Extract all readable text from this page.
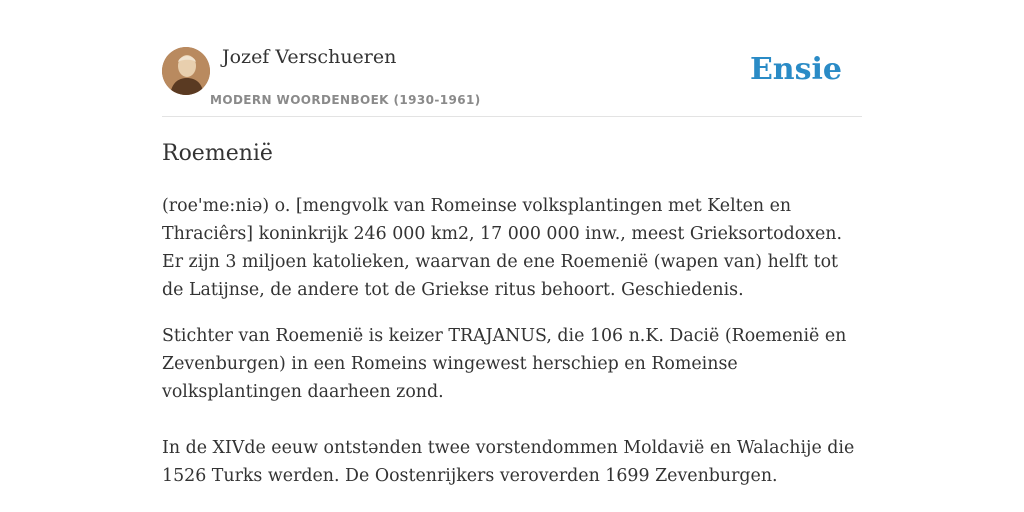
Jozef Verschueren
MODERN WOORDENBOEK (1930-1961)
Ensie
Roemenië

(roe'me:niə) o. [mengvolk van Romeinse volksplantingen met Kelten en Thraciêrs] koninkrijk 246 000 km2, 17 000 000 inw., meest Grieksortodoxen. Er zijn 3 miljoen katolieken, waarvan de ene Roemenië (wapen van) helft tot de Latijnse, de andere tot de Griekse ritus behoort. Geschiedenis.

Stichter van Roemenië is keizer TRAJANUS, die 106 n.K. Dacië (Roemenië en Zevenburgen) in een Romeins wingewest herschiep en Romeinse volksplantingen daarheen zond.

In de XIVde eeuw ontstənden twee vorstendommen Moldavië en Walachije die 1526 Turks werden. De Oostenrijkers veroverden 1699 Zevenburgen.
